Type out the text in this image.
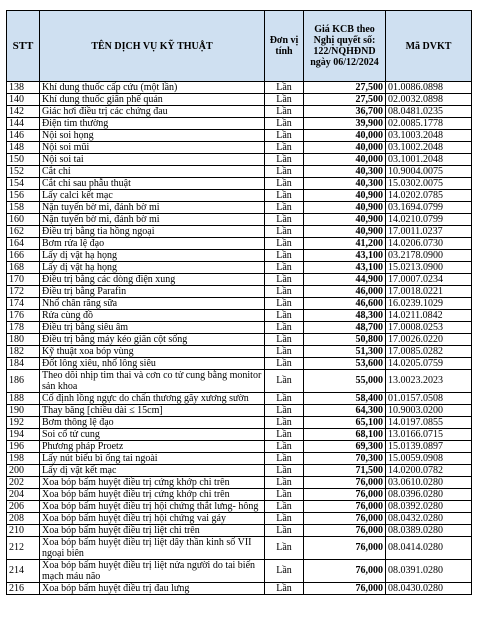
STT	TÊN DỊCH VỤ KỸ THUẬT	Đơn vị tính	Giá KCB theo Nghị quyết số: 122/NQHĐND ngày 06/12/2024	Mã DVKT
138	Khí dung thuốc cấp cứu (một lần)	Lần	27,500	01.0086.0898
140	Khí dung thuốc giãn phế quản	Lần	27,500	02.0032.0898
142	Giác hơi điều trị các chứng đau	Lần	36,700	08.0481.0235
144	Điện tim thường	Lần	39,900	02.0085.1778
146	Nội soi họng	Lần	40,000	03.1003.2048
148	Nội soi mũi	Lần	40,000	03.1002.2048
150	Nội soi tai	Lần	40,000	03.1001.2048
152	Cắt chỉ	Lần	40,300	10.9004.0075
154	Cắt chỉ sau phẫu thuật	Lần	40,300	15.0302.0075
156	Lấy calci kết mạc	Lần	40,900	14.0202.0785
158	Nặn tuyến bờ mi, đánh bờ mi	Lần	40,900	03.1694.0799
160	Nặn tuyến bờ mi, đánh bờ mi	Lần	40,900	14.0210.0799
162	Điều trị bằng tia hồng ngoại	Lần	40,900	17.0011.0237
164	Bơm rửa lệ đạo	Lần	41,200	14.0206.0730
166	Lấy dị vật hạ họng	Lần	43,100	03.2178.0900
168	Lấy dị vật hạ họng	Lần	43,100	15.0213.0900
170	Điều trị bằng các dòng điện xung	Lần	44,900	17.0007.0234
172	Điều trị bằng Parafin	Lần	46,000	17.0018.0221
174	Nhổ chân răng sữa	Lần	46,600	16.0239.1029
176	Rửa cùng đồ	Lần	48,300	14.0211.0842
178	Điều trị bằng siêu âm	Lần	48,700	17.0008.0253
180	Điều trị bằng máy kéo giãn cột sống	Lần	50,800	17.0026.0220
182	Kỹ thuật xoa bóp vùng	Lần	51,300	17.0085.0282
184	Đốt lông xiêu, nhổ lông siêu	Lần	53,600	14.0205.0759
186	Theo dõi nhịp tim thai và cơn co tử cung bằng monitor sản khoa	Lần	55,000	13.0023.2023
188	Cố định lồng ngực do chấn thương gãy xương sườn	Lần	58,400	01.0157.0508
190	Thay băng [chiều dài ≤ 15cm]	Lần	64,300	10.9003.0200
192	Bơm thông lệ đạo	Lần	65,100	14.0197.0855
194	Soi cổ tử cung	Lần	68,100	13.0166.0715
196	Phương pháp Proetz	Lần	69,300	15.0139.0897
198	Lấy nút biểu bì ống tai ngoài	Lần	70,300	15.0059.0908
200	Lấy dị vật kết mạc	Lần	71,500	14.0200.0782
202	Xoa bóp bấm huyệt điều trị cứng khớp chi trên	Lần	76,000	03.0610.0280
204	Xoa bóp bấm huyệt điều trị cứng khớp chi trên	Lần	76,000	08.0396.0280
206	Xoa bóp bấm huyệt điều trị hội chứng thắt lưng- hông	Lần	76,000	08.0392.0280
208	Xoa bóp bấm huyệt điều trị hội chứng vai gáy	Lần	76,000	08.0432.0280
210	Xoa bóp bấm huyệt điều trị liệt chi trên	Lần	76,000	08.0389.0280
212	Xoa bóp bấm huyệt điều trị liệt dây thần kinh số VII ngoại biên	Lần	76,000	08.0414.0280
214	Xoa bóp bấm huyệt điều trị liệt nửa người do tai biến mạch máu não	Lần	76,000	08.0391.0280
216	Xoa bóp bấm huyệt điều trị đau lưng	Lần	76,000	08.0430.0280
